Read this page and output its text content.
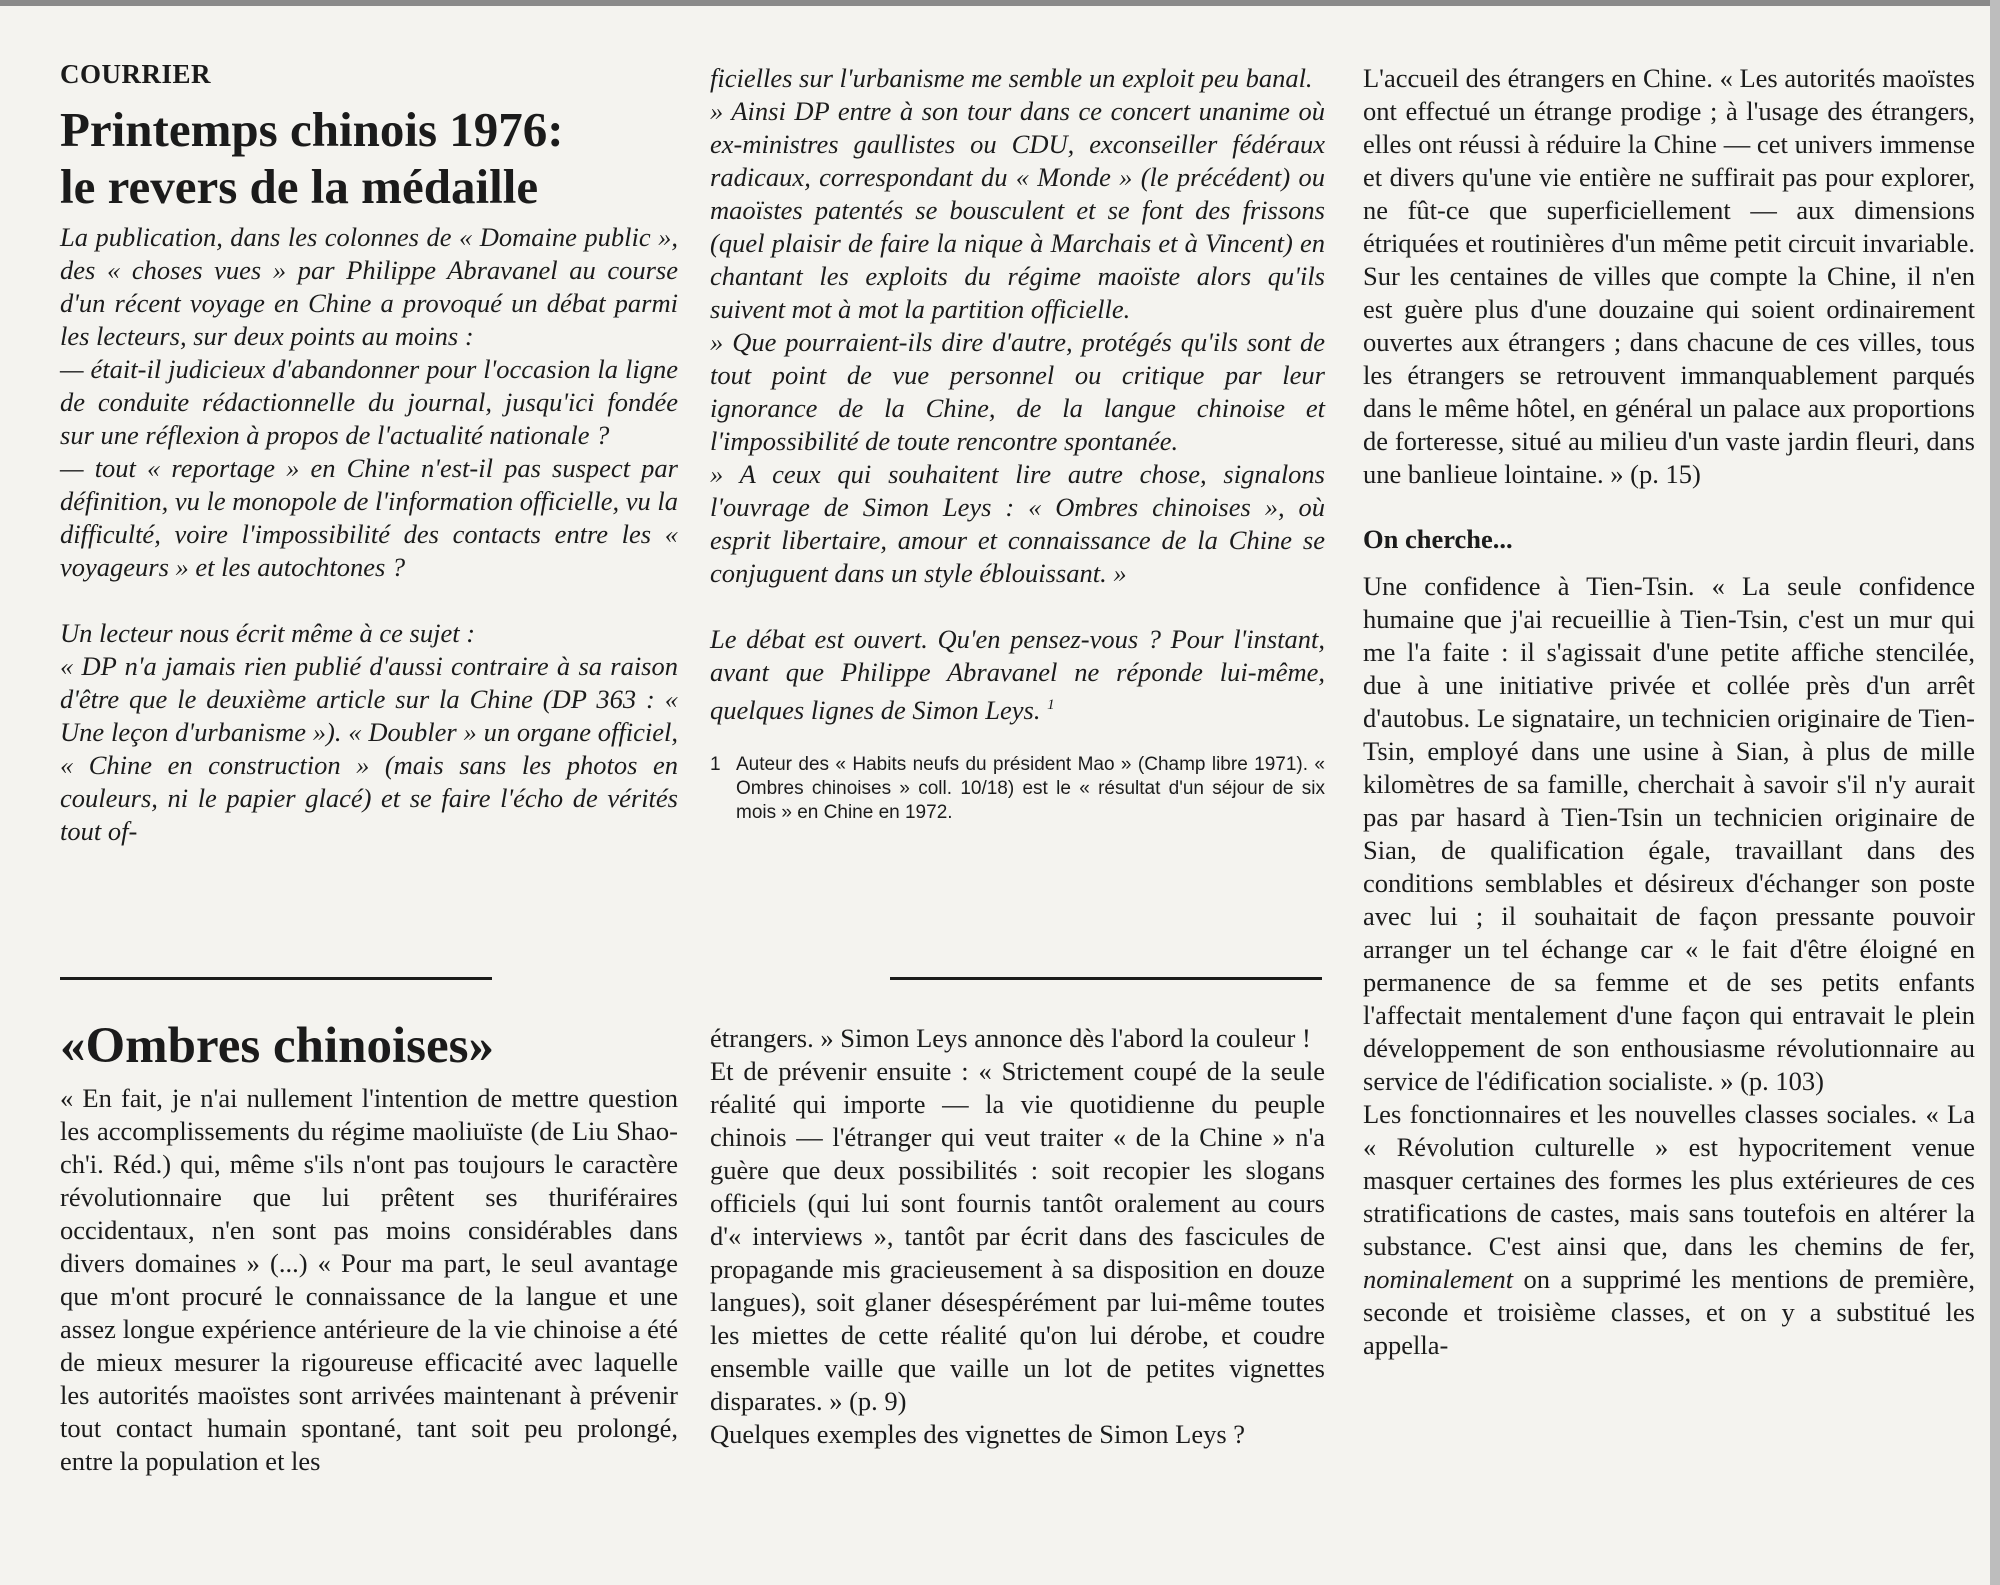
COURRIER
Printemps chinois 1976:
le revers de la médaille

La publication, dans les colonnes de « Domaine public », des « choses vues » par Philippe Abravanel au course d'un récent voyage en Chine a provoqué un débat parmi les lecteurs, sur deux points au moins :

— était-il judicieux d'abandonner pour l'occasion la ligne de conduite rédactionnelle du journal, jusqu'ici fondée sur une réflexion à propos de l'actualité nationale ?

— tout « reportage » en Chine n'est-il pas suspect par définition, vu le monopole de l'information officielle, vu la difficulté, voire l'impossibilité des contacts entre les « voyageurs » et les autochtones ?

Un lecteur nous écrit même à ce sujet :

« DP n'a jamais rien publié d'aussi contraire à sa raison d'être que le deuxième article sur la Chine (DP 363 : « Une leçon d'urbanisme »). « Doubler » un organe officiel, « Chine en construction » (mais sans les photos en couleurs, ni le papier glacé) et se faire l'écho de vérités tout of-

ficielles sur l'urbanisme me semble un exploit peu banal.

» Ainsi DP entre à son tour dans ce concert unanime où ex-ministres gaullistes ou CDU, exconseiller fédéraux radicaux, correspondant du « Monde » (le précédent) ou maoïstes patentés se bousculent et se font des frissons (quel plaisir de faire la nique à Marchais et à Vincent) en chantant les exploits du régime maoïste alors qu'ils suivent mot à mot la partition officielle.

» Que pourraient-ils dire d'autre, protégés qu'ils sont de tout point de vue personnel ou critique par leur ignorance de la Chine, de la langue chinoise et l'impossibilité de toute rencontre spontanée.

» A ceux qui souhaitent lire autre chose, signalons l'ouvrage de Simon Leys : « Ombres chinoises », où esprit libertaire, amour et connaissance de la Chine se conjuguent dans un style éblouissant. »

Le débat est ouvert. Qu'en pensez-vous ? Pour l'instant, avant que Philippe Abravanel ne réponde lui-même, quelques lignes de Simon Leys. $^1$

1 Auteur des « Habits neufs du président Mao » (Champ libre 1971). « Ombres chinoises » coll. 10/18) est le « résultat d'un séjour de six mois » en Chine en 1972.

«Ombres chinoises»

« En fait, je n'ai nullement l'intention de mettre question les accomplissements du régime maoliuïste (de Liu Shao-ch'i. Réd.) qui, même s'ils n'ont pas toujours le caractère révolutionnaire que lui prêtent ses thuriféraires occidentaux, n'en sont pas moins considérables dans divers domaines » (...) « Pour ma part, le seul avantage que m'ont procuré le connaissance de la langue et une assez longue expérience antérieure de la vie chinoise a été de mieux mesurer la rigoureuse efficacité avec laquelle les autorités maoïstes sont arrivées maintenant à prévenir tout contact humain spontané, tant soit peu prolongé, entre la population et les

étrangers. » Simon Leys annonce dès l'abord la couleur !

Et de prévenir ensuite : « Strictement coupé de la seule réalité qui importe — la vie quotidienne du peuple chinois — l'étranger qui veut traiter « de la Chine » n'a guère que deux possibilités : soit recopier les slogans officiels (qui lui sont fournis tantôt oralement au cours d'« interviews », tantôt par écrit dans des fascicules de propagande mis gracieusement à sa disposition en douze langues), soit glaner désespérément par lui-même toutes les miettes de cette réalité qu'on lui dérobe, et coudre ensemble vaille que vaille un lot de petites vignettes disparates. » (p. 9)

Quelques exemples des vignettes de Simon Leys ?

L'accueil des étrangers en Chine. « Les autorités maoïstes ont effectué un étrange prodige ; à l'usage des étrangers, elles ont réussi à réduire la Chine — cet univers immense et divers qu'une vie entière ne suffirait pas pour explorer, ne fût-ce que superficiellement — aux dimensions étriquées et routinières d'un même petit circuit invariable. Sur les centaines de villes que compte la Chine, il n'en est guère plus d'une douzaine qui soient ordinairement ouvertes aux étrangers ; dans chacune de ces villes, tous les étrangers se retrouvent immanquablement parqués dans le même hôtel, en général un palace aux proportions de forteresse, situé au milieu d'un vaste jardin fleuri, dans une banlieue lointaine. » (p. 15)

On cherche...

Une confidence à Tien-Tsin. « La seule confidence humaine que j'ai recueillie à Tien-Tsin, c'est un mur qui me l'a faite : il s'agissait d'une petite affiche stencilée, due à une initiative privée et collée près d'un arrêt d'autobus. Le signataire, un technicien originaire de Tien-Tsin, employé dans une usine à Sian, à plus de mille kilomètres de sa famille, cherchait à savoir s'il n'y aurait pas par hasard à Tien-Tsin un technicien originaire de Sian, de qualification égale, travaillant dans des conditions semblables et désireux d'échanger son poste avec lui ; il souhaitait de façon pressante pouvoir arranger un tel échange car « le fait d'être éloigné en permanence de sa femme et de ses petits enfants l'affectait mentalement d'une façon qui entravait le plein développement de son enthousiasme révolutionnaire au service de l'édification socialiste. » (p. 103)

Les fonctionnaires et les nouvelles classes sociales. « La « Révolution culturelle » est hypocritement venue masquer certaines des formes les plus extérieures de ces stratifications de castes, mais sans toutefois en altérer la substance. C'est ainsi que, dans les chemins de fer, nominalement on a supprimé les mentions de première, seconde et troisième classes, et on y a substitué les appella-
